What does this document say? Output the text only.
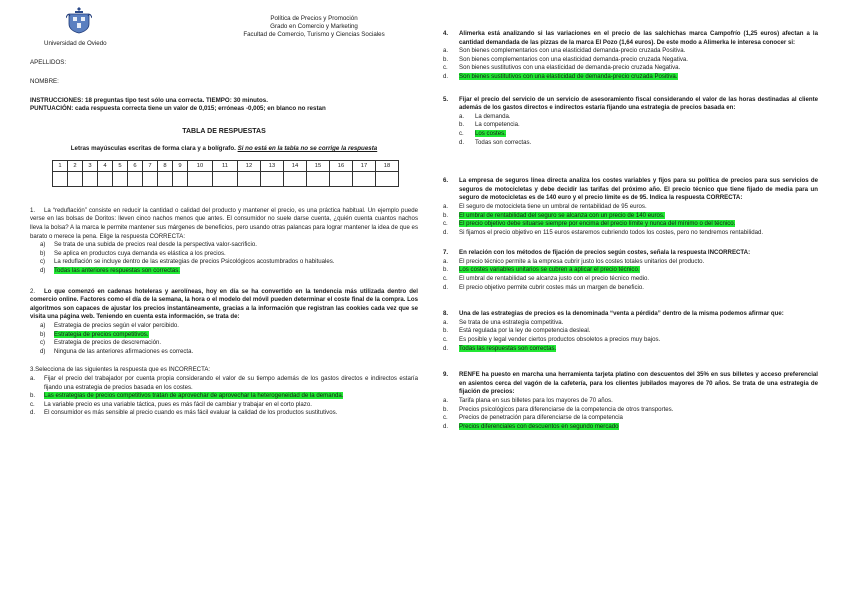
Universidad de Oviedo
Política de Precios y Promoción
Grado en Comercio y Marketing
Facultad de Comercio, Turismo y Ciencias Sociales
APELLIDOS:
NOMBRE:
INSTRUCCIONES: 18 preguntas tipo test sólo una correcta. TIEMPO: 30 minutos.
PUNTUACIÓN: cada respuesta correcta tiene un valor de 0,015; erróneas -0,005; en blanco no restan
TABLA DE RESPUESTAS
Letras mayúsculas escritas de forma clara y a bolígrafo. Si no está en la tabla no se corrige la respuesta
1	2	3	4	5	6	7	8	9	10	11	12	13	14	15	16	17	18

1. La “reduflación” consiste en reducir la cantidad o calidad del producto y mantener el precio, es una práctica habitual. Un ejemplo puede verse en las bolsas de Doritos: lleven cinco nachos menos que antes. El consumidor no suele darse cuenta, ¿quién cuenta cuantos nachos lleva la bolsa? A la marca le permite mantener sus márgenes de beneficios, pero usando otras palancas para lograr mantener la idea de que es barato o merece la pena. Elige la respuesta CORRECTA:
a)	Se trata de una subida de precios real desde la perspectiva valor-sacrificio.
b)	Se aplica en productos cuya demanda es elástica a los precios.
c)	La reduflación se incluye dentro de las estrategias de precios Psicológicos acostumbrados o habituales.
d)	Todas las anteriores respuestas son correctas.
2. Lo que comenzó en cadenas hoteleras y aerolíneas, hoy en día se ha convertido en la tendencia más utilizada dentro del comercio online. Factores como el día de la semana, la hora o el modelo del móvil pueden determinar el coste final de la compra. Los algoritmos son capaces de ajustar los precios instantáneamente, gracias a la información que registran las cookies cada vez que se visita una página web. Teniendo en cuenta esta información, se trata de:
a)	Estrategia de precios según el valor percibido.
b)	Estrategia de precios competitivos.
c)	Estrategia de precios de descremación.
d)	Ninguna de las anteriores afirmaciones es correcta.
3.Selecciona de las siguientes la respuesta que es INCORRECTA:
a.	Fijar el precio del trabajador por cuenta propia considerando el valor de su tiempo además de los gastos directos e indirectos estaría fijando una estrategia de precios basada en los costes.
b.	Las estrategias de precios competitivos tratan de aprovechar de aprovechar la heterogeneidad de la demanda.
c.	La variable precio es una variable táctica, pues es más fácil de cambiar y trabajar en el corto plazo.
d.	El consumidor es más sensible al precio cuando es más fácil evaluar la calidad de los productos sustitutivos.
4.	Alimerka está analizando si las variaciones en el precio de las salchichas marca Campofrío (1,25 euros) afectan a la cantidad demandada de las pizzas de la marca El Pozo (1,64 euros). De este modo a Alimerka le interesa conocer si:
a.	Son bienes complementarios con una elasticidad demanda-precio cruzada Positiva.
b.	Son bienes complementarios con una elasticidad demanda-precio cruzada Negativa.
c.	Son bienes sustitutivos con una elasticidad de demanda-precio cruzada Negativa.
d.	Son bienes sustitutivos con una elasticidad de demanda-precio cruzada Positiva.
5.	Fijar el precio del servicio de un servicio de asesoramiento fiscal considerando el valor de las horas destinadas al cliente además de los gastos directos e indirectos estaría fijando una estrategia de precios basada en:
a.	La demanda.
b.	La competencia.
c.	Los costes.
d.	Todas son correctas.
6.	La empresa de seguros línea directa analiza los costes variables y fijos para su política de precios para sus servicios de seguros de motocicletas y debe decidir las tarifas del próximo año. El precio técnico que tiene fijado de media para un seguro de motocicletas es de 140 euro y el precio límite es de 95. Indica la respuesta CORRECTA:
a.	El seguro de motocicleta tiene un umbral de rentabilidad de 95 euros.
b.	El umbral de rentabilidad del seguro se alcanza con un precio de 140 euros.
c.	El precio objetivo debe situarse siempre por encima del precio límite y nunca del mínimo o del técnico.
d.	Si fijamos el precio objetivo en 115 euros estaremos cubriendo todos los costes, pero no tendremos rentabilidad.
7.	En relación con los métodos de fijación de precios según costes, señala la respuesta INCORRECTA:
a.	El precio técnico permite a la empresa cubrir justo los costes totales unitarios del producto.
b.	Los costes variables unitarios se cubren a aplicar el precio técnico.
c.	El umbral de rentabilidad se alcanza justo con el precio técnico medio.
d.	El precio objetivo permite cubrir costes más un margen de beneficio.
8.	Una de las estrategias de precios es la denominada “venta a pérdida” dentro de la misma podemos afirmar que:
a.	Se trata de una estrategia competitiva.
b.	Está regulada por la ley de competencia desleal.
c.	Es posible y legal vender ciertos productos obsoletos a precios muy bajos.
d.	Todas las respuestas son correctas.
9.	RENFE ha puesto en marcha una herramienta tarjeta platino con descuentos del 35% en sus billetes y acceso preferencial en asientos cerca del vagón de la cafetería, para los clientes jubilados mayores de 70 años. Se trata de una estrategia de fijación de precios:
a.	Tarifa plana en sus billetes para los mayores de 70 años.
b.	Precios psicológicos para diferenciarse de la competencia de otros transportes.
c.	Precios de penetración para diferenciarse de la competencia
d.	Precios diferenciales con descuentos en segundo mercado
